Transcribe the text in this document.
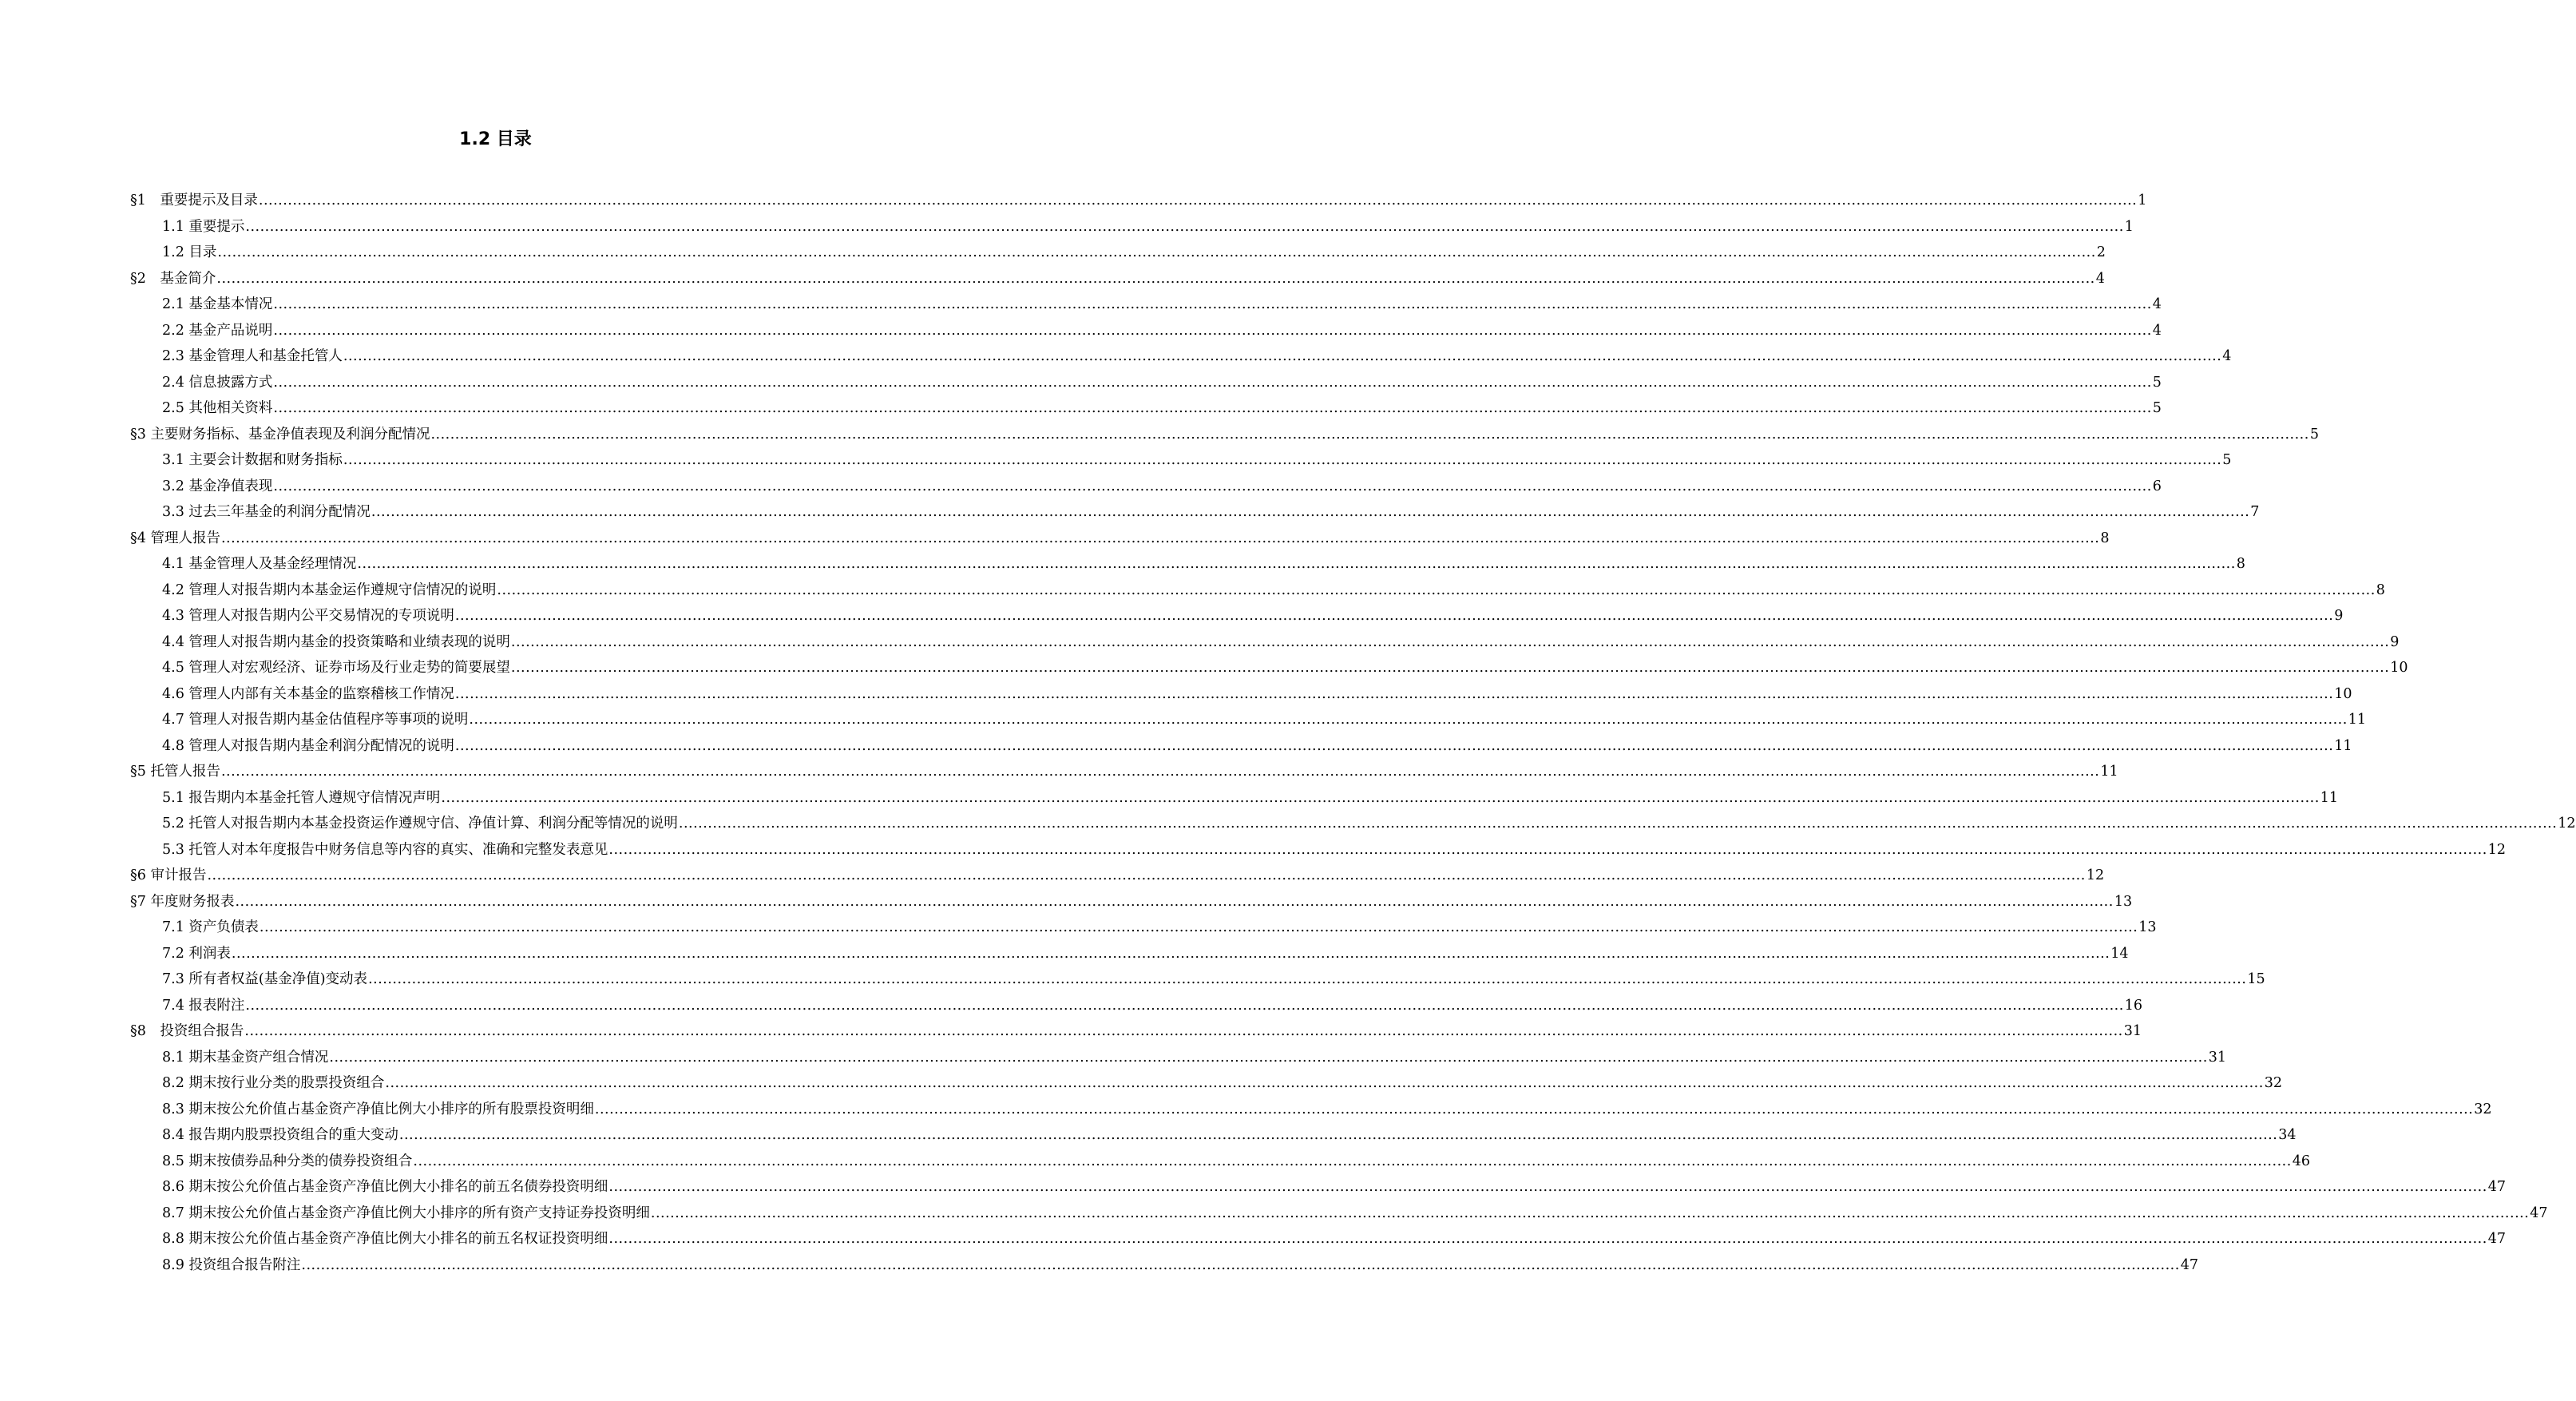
1.2 目录
§1　重要提示及目录 .................................................................................................................................................................................................................................................................................................................................................................................................... 1
1.1 重要提示 .................................................................................................................................................................................................................................................................................................................................................................................................... 1
1.2 目录 .................................................................................................................................................................................................................................................................................................................................................................................................... 2
§2　基金简介 .................................................................................................................................................................................................................................................................................................................................................................................................... 4
2.1 基金基本情况 .................................................................................................................................................................................................................................................................................................................................................................................................... 4
2.2 基金产品说明 .................................................................................................................................................................................................................................................................................................................................................................................................... 4
2.3 基金管理人和基金托管人 .................................................................................................................................................................................................................................................................................................................................................................................................... 4
2.4 信息披露方式 .................................................................................................................................................................................................................................................................................................................................................................................................... 5
2.5 其他相关资料 .................................................................................................................................................................................................................................................................................................................................................................................................... 5
§3 主要财务指标、基金净值表现及利润分配情况 .................................................................................................................................................................................................................................................................................................................................................................................................... 5
3.1 主要会计数据和财务指标 .................................................................................................................................................................................................................................................................................................................................................................................................... 5
3.2 基金净值表现 .................................................................................................................................................................................................................................................................................................................................................................................................... 6
3.3 过去三年基金的利润分配情况 .................................................................................................................................................................................................................................................................................................................................................................................................... 7
§4 管理人报告 .................................................................................................................................................................................................................................................................................................................................................................................................... 8
4.1 基金管理人及基金经理情况 .................................................................................................................................................................................................................................................................................................................................................................................................... 8
4.2 管理人对报告期内本基金运作遵规守信情况的说明 .................................................................................................................................................................................................................................................................................................................................................................................................... 8
4.3 管理人对报告期内公平交易情况的专项说明 .................................................................................................................................................................................................................................................................................................................................................................................................... 9
4.4 管理人对报告期内基金的投资策略和业绩表现的说明 .................................................................................................................................................................................................................................................................................................................................................................................................... 9
4.5 管理人对宏观经济、证券市场及行业走势的简要展望 .................................................................................................................................................................................................................................................................................................................................................................................................... 10
4.6 管理人内部有关本基金的监察稽核工作情况 .................................................................................................................................................................................................................................................................................................................................................................................................... 10
4.7 管理人对报告期内基金估值程序等事项的说明 .................................................................................................................................................................................................................................................................................................................................................................................................... 11
4.8 管理人对报告期内基金利润分配情况的说明 .................................................................................................................................................................................................................................................................................................................................................................................................... 11
§5 托管人报告 .................................................................................................................................................................................................................................................................................................................................................................................................... 11
5.1 报告期内本基金托管人遵规守信情况声明 .................................................................................................................................................................................................................................................................................................................................................................................................... 11
5.2 托管人对报告期内本基金投资运作遵规守信、净值计算、利润分配等情况的说明 .................................................................................................................................................................................................................................................................................................................................................................................................... 12
5.3 托管人对本年度报告中财务信息等内容的真实、准确和完整发表意见 .................................................................................................................................................................................................................................................................................................................................................................................................... 12
§6 审计报告 .................................................................................................................................................................................................................................................................................................................................................................................................... 12
§7 年度财务报表 .................................................................................................................................................................................................................................................................................................................................................................................................... 13
7.1 资产负债表 .................................................................................................................................................................................................................................................................................................................................................................................................... 13
7.2 利润表 .................................................................................................................................................................................................................................................................................................................................................................................................... 14
7.3 所有者权益(基金净值)变动表 .................................................................................................................................................................................................................................................................................................................................................................................................... 15
7.4 报表附注 .................................................................................................................................................................................................................................................................................................................................................................................................... 16
§8　投资组合报告 .................................................................................................................................................................................................................................................................................................................................................................................................... 31
8.1 期末基金资产组合情况 .................................................................................................................................................................................................................................................................................................................................................................................................... 31
8.2 期末按行业分类的股票投资组合 .................................................................................................................................................................................................................................................................................................................................................................................................... 32
8.3 期末按公允价值占基金资产净值比例大小排序的所有股票投资明细 .................................................................................................................................................................................................................................................................................................................................................................................................... 32
8.4 报告期内股票投资组合的重大变动 .................................................................................................................................................................................................................................................................................................................................................................................................... 34
8.5 期末按债券品种分类的债券投资组合 .................................................................................................................................................................................................................................................................................................................................................................................................... 46
8.6 期末按公允价值占基金资产净值比例大小排名的前五名债券投资明细 .................................................................................................................................................................................................................................................................................................................................................................................................... 47
8.7 期末按公允价值占基金资产净值比例大小排序的所有资产支持证券投资明细 .................................................................................................................................................................................................................................................................................................................................................................................................... 47
8.8 期末按公允价值占基金资产净值比例大小排名的前五名权证投资明细 .................................................................................................................................................................................................................................................................................................................................................................................................... 47
8.9 投资组合报告附注 .................................................................................................................................................................................................................................................................................................................................................................................................... 47
